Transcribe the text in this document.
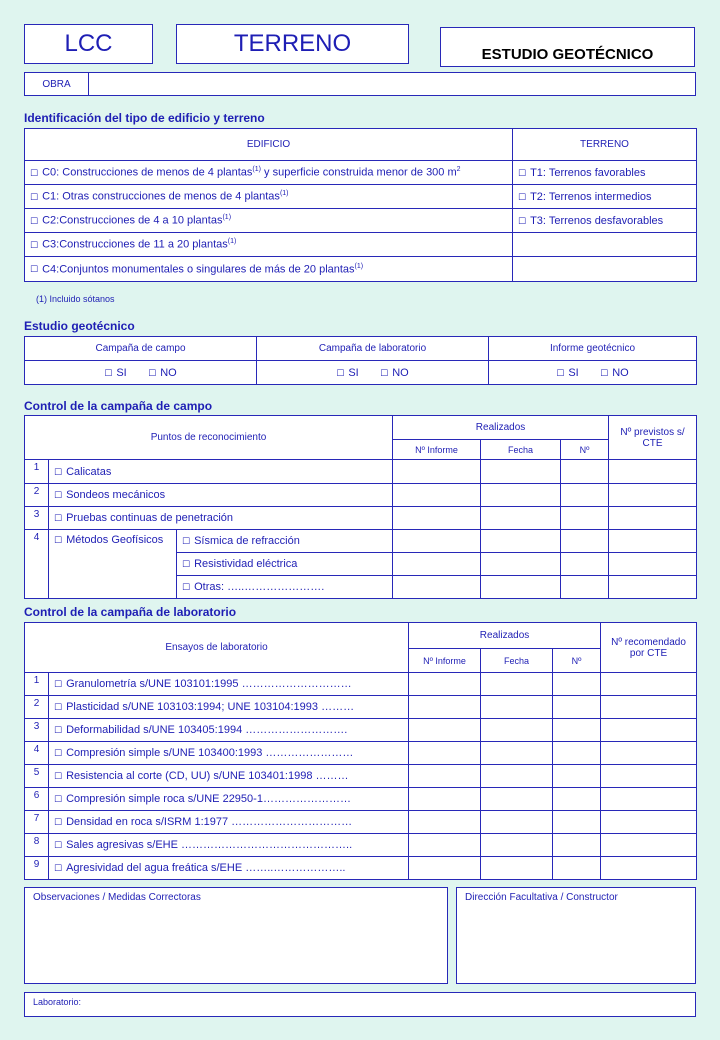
LCC	TERRENO	ESTUDIO GEOTÉCNICO
OBRA
Identificación del tipo de edificio y terreno
EDIFICIO	TERRENO
☐ C0: Construcciones de menos de 4 plantas$^{(1)}$ y superficie construida menor de 300 $m^2$	☐ T1: Terrenos favorables
☐ C1: Otras construcciones de menos de 4 plantas$^{(1)}$	☐ T2: Terrenos intermedios
☐ C2:Construcciones de 4 a 10 plantas$^{(1)}$	☐ T3: Terrenos desfavorables
☐ C3:Construcciones de 11 a 20 plantas$^{(1)}$	
☐ C4:Conjuntos monumentales o singulares de más de 20 plantas$^{(1)}$	
(1) Incluido sótanos
Estudio geotécnico
Campaña de campo	Campaña de laboratorio	Informe geotécnico
☐ SI ☐ NO	☐ SI ☐ NO	☐ SI ☐ NO
Control de la campaña de campo
Puntos de reconocimiento			Realizados			Nº previstos s/ CTE
			Nº Informe	Fecha	Nº	
1	☐ Calicatas					
2	☐ Sondeos mecánicos					
3	☐ Pruebas continuas de penetración					
4	☐ Métodos Geofísicos	☐ Sísmica de refracción				
		☐ Resistividad eléctrica				
		☐ Otras: …..………………….				
Control de la campaña de laboratorio
Ensayos de laboratorio		Realizados			Nº recomendado por CTE
		Nº Informe	Fecha	Nº	
1	☐ Granulometría s/UNE 103101:1995 …………………………				
2	☐ Plasticidad s/UNE 103103:1994; UNE 103104:1993 ………				
3	☐ Deformabilidad s/UNE 103405:1994 ……………………….				
4	☐ Compresión simple s/UNE 103400:1993 ……………………				
5	☐ Resistencia al corte (CD, UU) s/UNE 103401:1998 ………				
6	☐ Compresión simple roca s/UNE 22950-1……………………				
7	☐ Densidad en roca s/ISRM 1:1977 ……………………………				
8	☐ Sales agresivas s/EHE ………………………………………..				
9	☐ Agresividad del agua freática s/EHE ……..………………..				
Observaciones / Medidas Correctoras	Dirección Facultativa / Constructor
Laboratorio:
